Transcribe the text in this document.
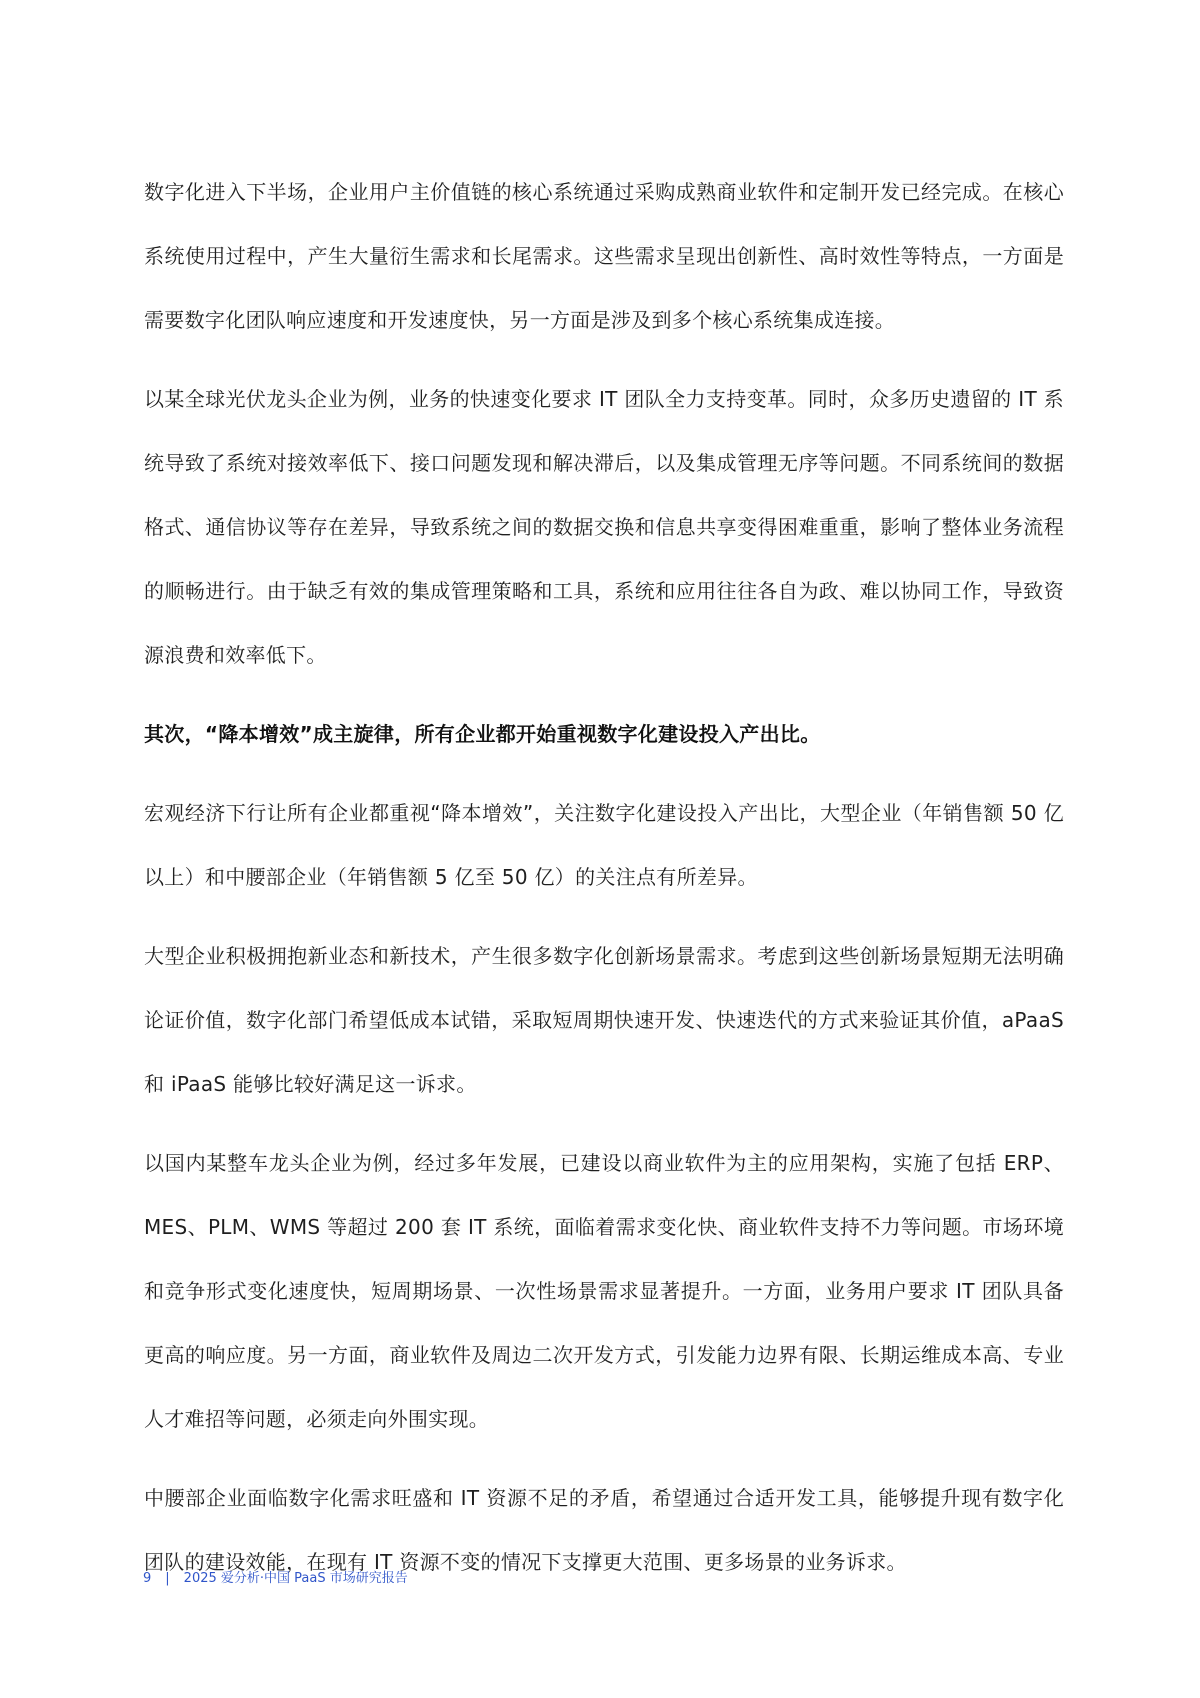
数字化进入下半场，企业用户主价值链的核心系统通过采购成熟商业软件和定制开发已经完成。在核心系统使用过程中，产生大量衍生需求和长尾需求。这些需求呈现出创新性、高时效性等特点，一方面是需要数字化团队响应速度和开发速度快，另一方面是涉及到多个核心系统集成连接。

以某全球光伏龙头企业为例，业务的快速变化要求 IT 团队全力支持变革。同时，众多历史遗留的 IT 系统导致了系统对接效率低下、接口问题发现和解决滞后，以及集成管理无序等问题。不同系统间的数据格式、通信协议等存在差异，导致系统之间的数据交换和信息共享变得困难重重，影响了整体业务流程的顺畅进行。由于缺乏有效的集成管理策略和工具，系统和应用往往各自为政、难以协同工作，导致资源浪费和效率低下。

其次，“降本增效”成主旋律，所有企业都开始重视数字化建设投入产出比。

宏观经济下行让所有企业都重视“降本增效”，关注数字化建设投入产出比，大型企业（年销售额 50 亿以上）和中腰部企业（年销售额 5 亿至 50 亿）的关注点有所差异。

大型企业积极拥抱新业态和新技术，产生很多数字化创新场景需求。考虑到这些创新场景短期无法明确论证价值，数字化部门希望低成本试错，采取短周期快速开发、快速迭代的方式来验证其价值，aPaaS 和 iPaaS 能够比较好满足这一诉求。

以国内某整车龙头企业为例，经过多年发展，已建设以商业软件为主的应用架构，实施了包括 ERP、MES、PLM、WMS 等超过 200 套 IT 系统，面临着需求变化快、商业软件支持不力等问题。市场环境和竞争形式变化速度快，短周期场景、一次性场景需求显著提升。一方面，业务用户要求 IT 团队具备更高的响应度。另一方面，商业软件及周边二次开发方式，引发能力边界有限、长期运维成本高、专业人才难招等问题，必须走向外围实现。

中腰部企业面临数字化需求旺盛和 IT 资源不足的矛盾，希望通过合适开发工具，能够提升现有数字化团队的建设效能，在现有 IT 资源不变的情况下支撑更大范围、更多场景的业务诉求。

9 | 2025 爱分析·中国 PaaS 市场研究报告
